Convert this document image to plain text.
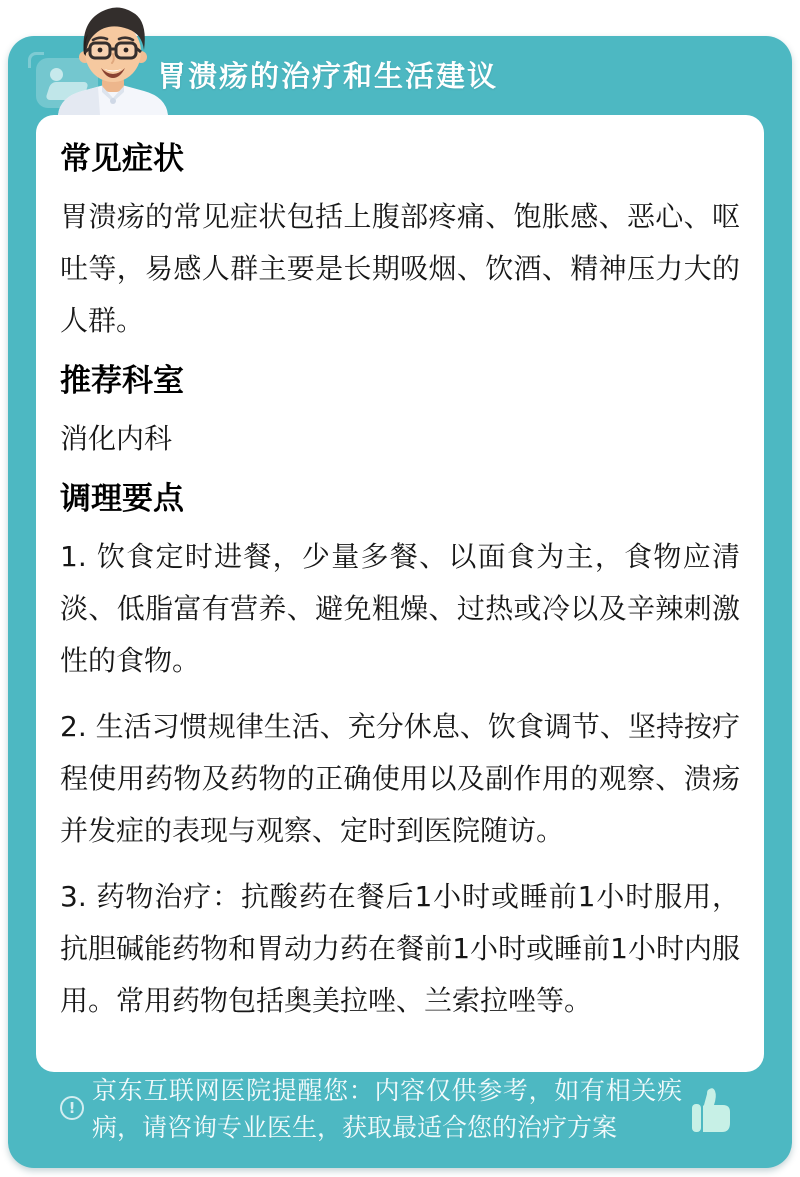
胃溃疡的治疗和生活建议
常见症状
胃溃疡的常见症状包括上腹部疼痛、饱胀感、恶心、呕吐等，易感人群主要是长期吸烟、饮酒、精神压力大的人群。
推荐科室
消化内科
调理要点
1. 饮食定时进餐，少量多餐、以面食为主，食物应清淡、低脂富有营养、避免粗燥、过热或冷以及辛辣刺激性的食物。
2. 生活习惯规律生活、充分休息、饮食调节、坚持按疗程使用药物及药物的正确使用以及副作用的观察、溃疡并发症的表现与观察、定时到医院随访。
3. 药物治疗：抗酸药在餐后1小时或睡前1小时服用，抗胆碱能药物和胃动力药在餐前1小时或睡前1小时内服用。常用药物包括奥美拉唑、兰索拉唑等。
!
京东互联网医院提醒您：内容仅供参考，如有相关疾病，请咨询专业医生，获取最适合您的治疗方案
